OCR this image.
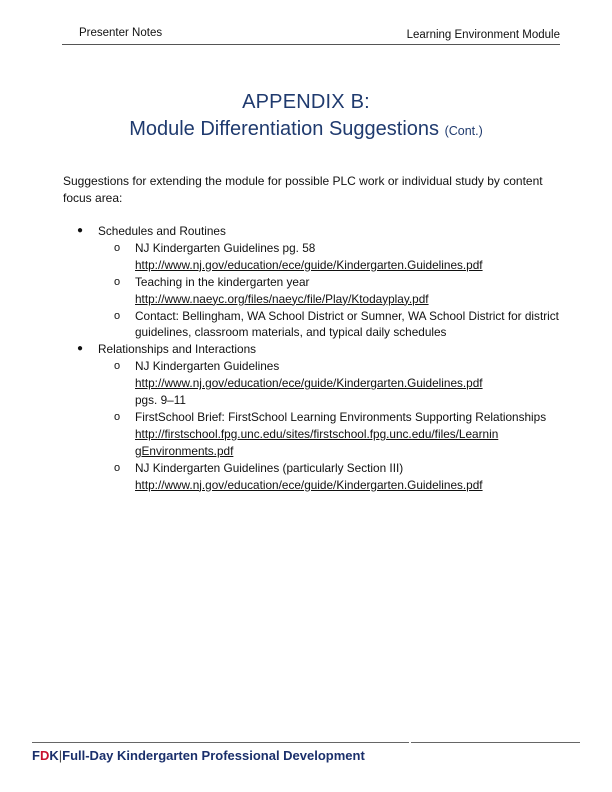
Presenter Notes	Learning Environment Module
APPENDIX B:
Module Differentiation Suggestions (Cont.)
Suggestions for extending the module for possible PLC work or individual study by content focus area:
● Schedules and Routines
o NJ Kindergarten Guidelines pg. 58
http://www.nj.gov/education/ece/guide/Kindergarten.Guidelines.pdf
o Teaching in the kindergarten year
http://www.naeyc.org/files/naeyc/file/Play/Ktodayplay.pdf
o Contact: Bellingham, WA School District or Sumner, WA School District for district guidelines, classroom materials, and typical daily schedules
● Relationships and Interactions
o NJ Kindergarten Guidelines
http://www.nj.gov/education/ece/guide/Kindergarten.Guidelines.pdf
pgs. 9–11
o FirstSchool Brief: FirstSchool Learning Environments Supporting Relationships
http://firstschool.fpg.unc.edu/sites/firstschool.fpg.unc.edu/files/Learnin
gEnvironments.pdf
o NJ Kindergarten Guidelines (particularly Section III)
http://www.nj.gov/education/ece/guide/Kindergarten.Guidelines.pdf
FDK|Full-Day Kindergarten Professional Development
